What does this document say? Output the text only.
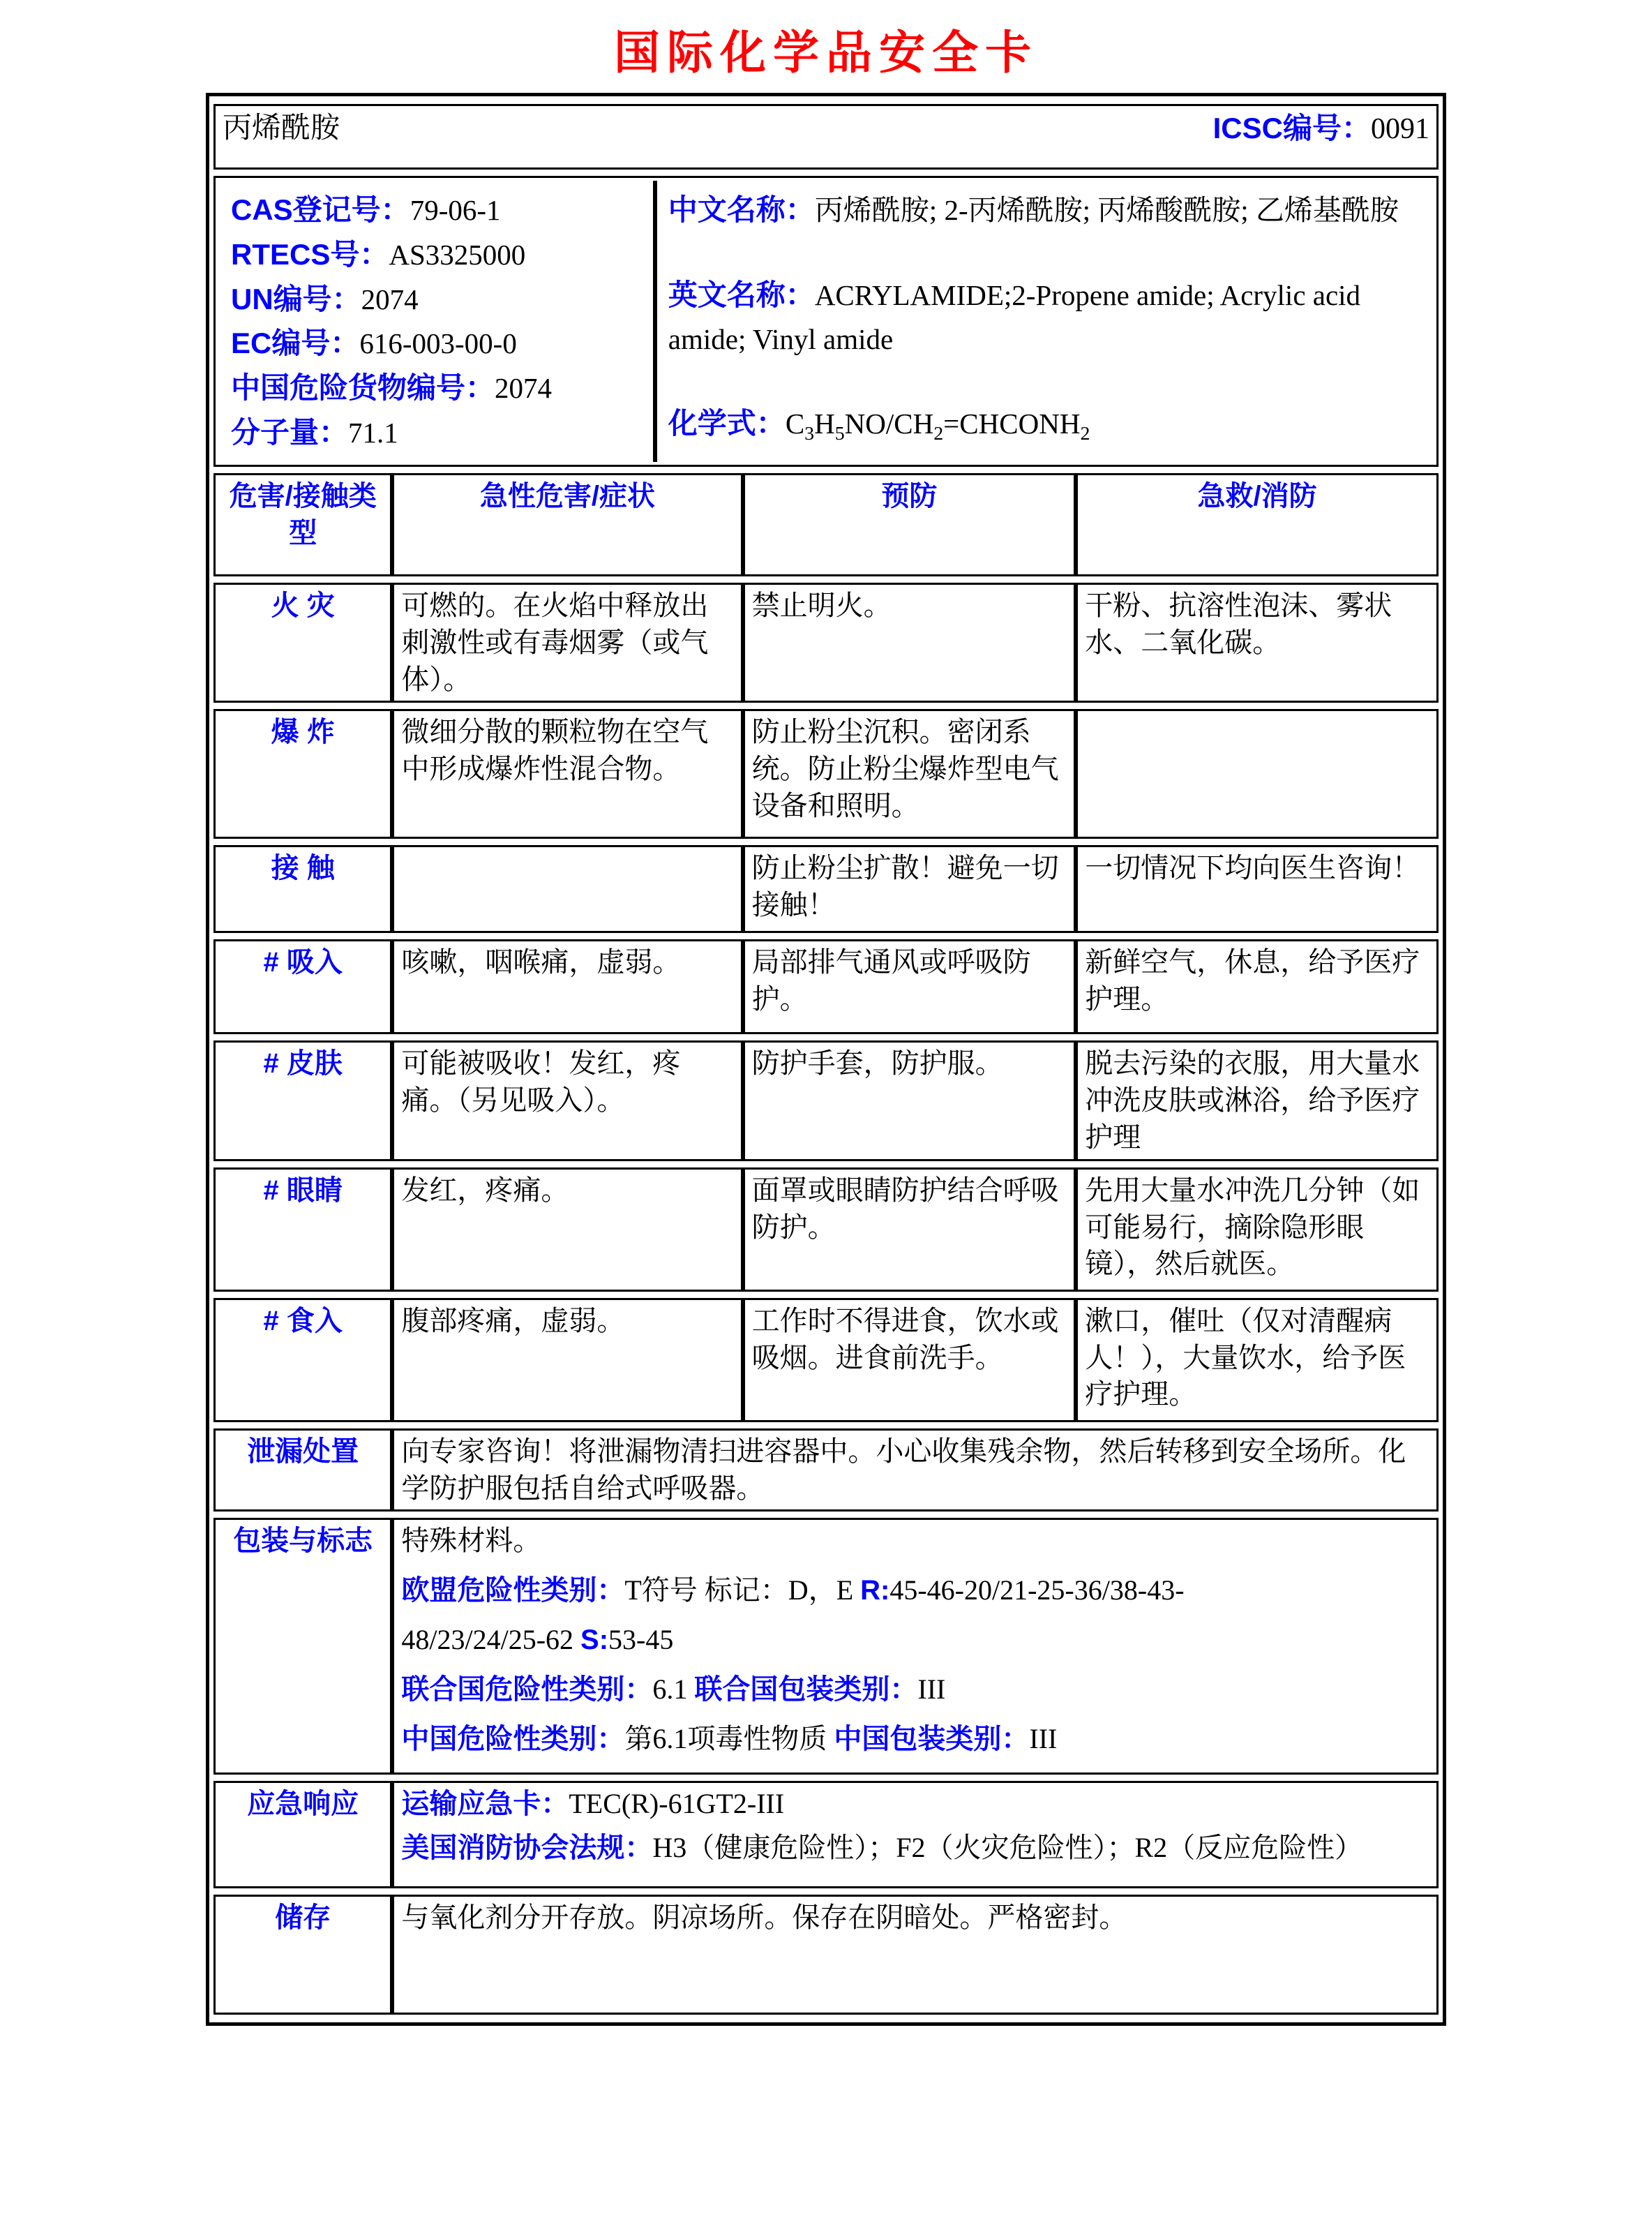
国际化学品安全卡
丙烯酰胺 ICSC编号：0091			

CAS登记号：79-06-1
RTECS号：AS3325000
UN编号：2074
EC编号：616-003-00-0
中国危险货物编号：2074
分子量：71.1
中文名称：丙烯酰胺; 2-丙烯酰胺; 丙烯酸酰胺; 乙烯基酰胺
英文名称：ACRYLAMIDE;2-Propene amide; Acrylic acid amide; Vinyl amide
化学式：$C_3H_5NO/CH_2=CHCONH_2$

危害/接触类型	急性危害/症状	预防	急救/消防
火 灾	可燃的。在火焰中释放出刺激性或有毒烟雾（或气体）。	禁止明火。	干粉、抗溶性泡沫、雾状水、二氧化碳。
爆 炸	微细分散的颗粒物在空气中形成爆炸性混合物。	防止粉尘沉积。密闭系统。防止粉尘爆炸型电气设备和照明。	
接 触		防止粉尘扩散！避免一切接触！	一切情况下均向医生咨询！
# 吸入	咳嗽，咽喉痛，虚弱。	局部排气通风或呼吸防护。	新鲜空气，休息，给予医疗护理。
# 皮肤	可能被吸收！发红，疼痛。（另见吸入）。	防护手套，防护服。	脱去污染的衣服，用大量水冲洗皮肤或淋浴，给予医疗护理
# 眼睛	发红，疼痛。	面罩或眼睛防护结合呼吸防护。	先用大量水冲洗几分钟（如可能易行，摘除隐形眼镜），然后就医。
# 食入	腹部疼痛，虚弱。	工作时不得进食，饮水或吸烟。进食前洗手。	漱口，催吐（仅对清醒病人！），大量饮水，给予医疗护理。
泄漏处置	向专家咨询！将泄漏物清扫进容器中。小心收集残余物，然后转移到安全场所。化学防护服包括自给式呼吸器。		

包装与标志	特殊材料。
欧盟危险性类别：T符号 标记：D，E R:45-46-20/21-25-36/38-43-
48/23/24/25-62 S:53-45
联合国危险性类别：6.1 联合国包装类别：III
中国危险性类别：第6.1项毒性物质 中国包装类别：III		

应急响应	运输应急卡：TEC(R)-61GT2-III
美国消防协会法规：H3（健康危险性）；F2（火灾危险性）；R2（反应危险性）		

储存	与氧化剂分开存放。阴凉场所。保存在阴暗处。严格密封。		
